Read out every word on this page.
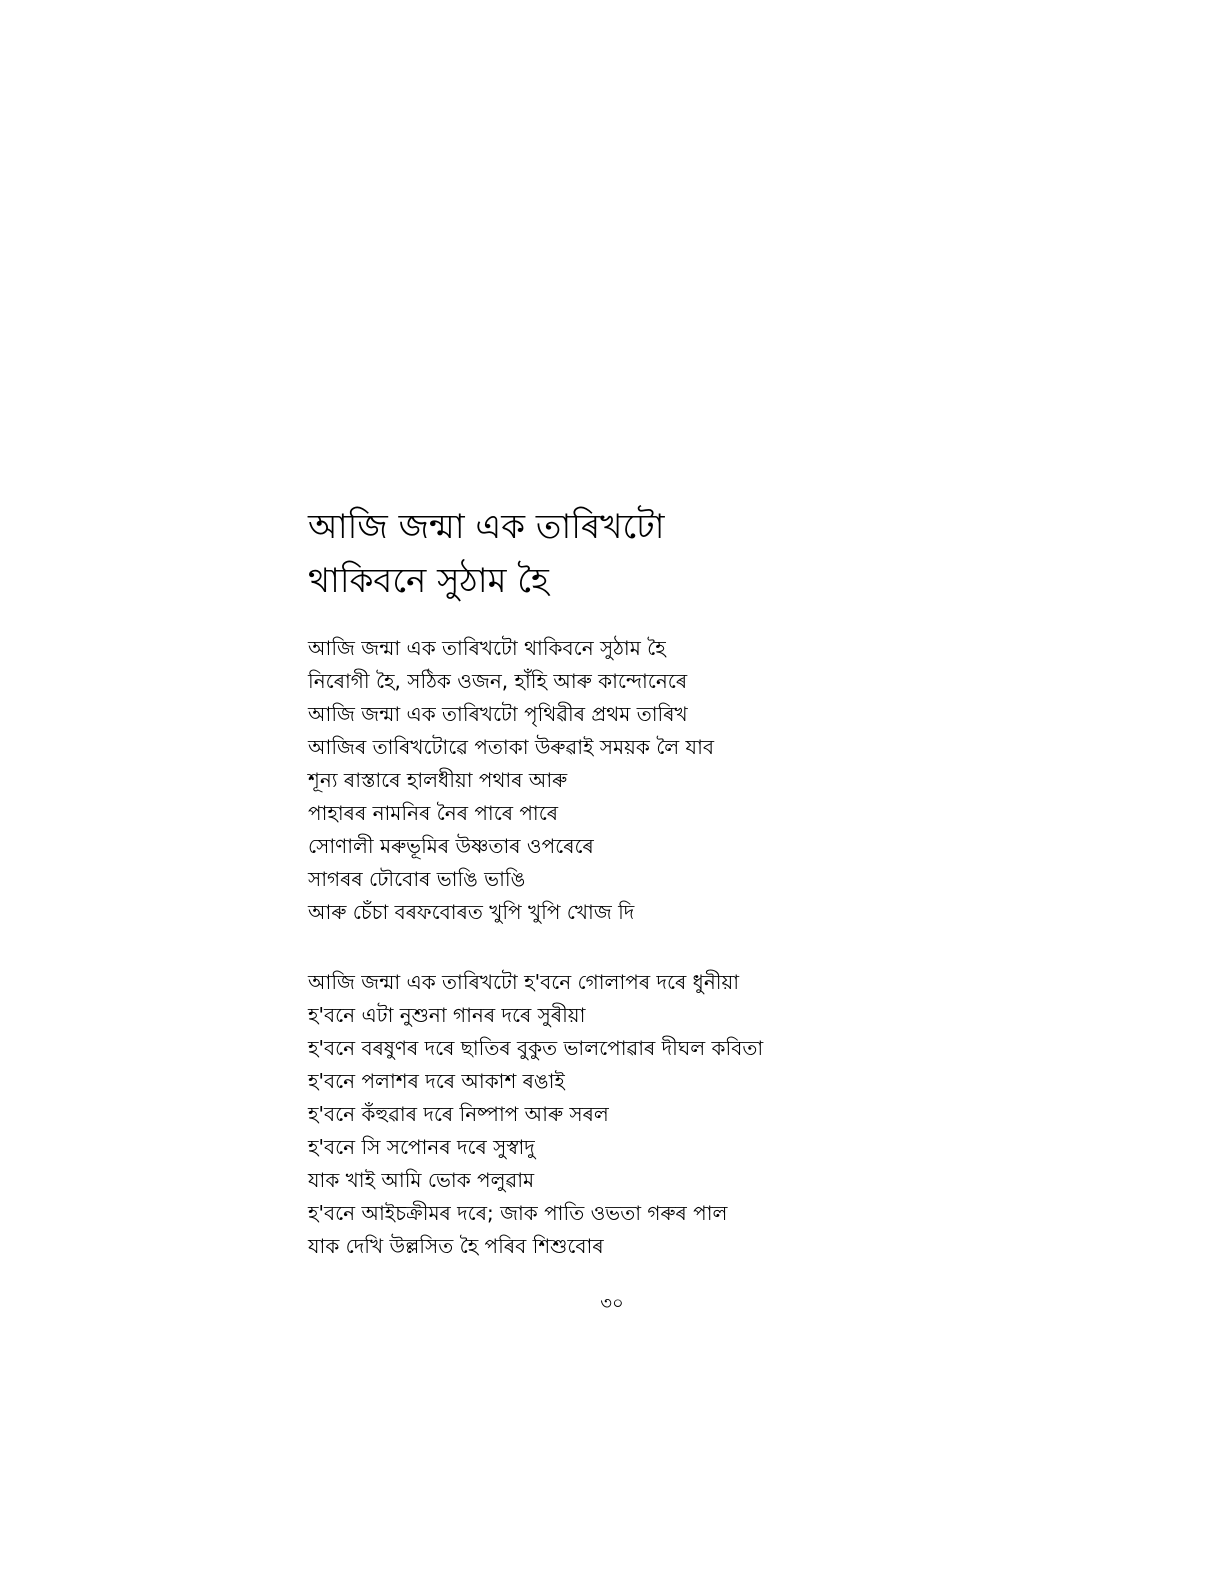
আজি জন্মা এক তাৰিখটো
থাকিবনে সুঠাম হৈ
আজি জন্মা এক তাৰিখটো থাকিবনে সুঠাম হৈ
নিৰোগী হৈ, সঠিক ওজন, হাঁহি আৰু কান্দোনেৰে
আজি জন্মা এক তাৰিখটো পৃথিৱীৰ প্ৰথম তাৰিখ
আজিৰ তাৰিখটোৱে পতাকা উৰুৱাই সময়ক লৈ যাব
শূন্য ৰাস্তাৰে হালধীয়া পথাৰ আৰু
পাহাৰৰ নামনিৰ নৈৰ পাৰে পাৰে
সোণালী মৰুভূমিৰ উষ্ণতাৰ ওপৰেৰে
সাগৰৰ ঢৌবোৰ ভাঙি ভাঙি
আৰু চেঁচা বৰফবোৰত খুপি খুপি খোজ দি
আজি জন্মা এক তাৰিখটো হ'বনে গোলাপৰ দৰে ধুনীয়া
হ'বনে এটা নুশুনা গানৰ দৰে সুৰীয়া
হ'বনে বৰষুণৰ দৰে ছাতিৰ বুকুত ভালপোৱাৰ দীঘল কবিতা
হ'বনে পলাশৰ দৰে আকাশ ৰঙাই
হ'বনে কঁহুৱাৰ দৰে নিষ্পাপ আৰু সৰল
হ'বনে সি সপোনৰ দৰে সুস্বাদু
যাক খাই আমি ভোক পলুৱাম
হ'বনে আইচক্ৰীমৰ দৰে; জাক পাতি ওভতা গৰুৰ পাল
যাক দেখি উল্লসিত হৈ পৰিব শিশুবোৰ
৩০
